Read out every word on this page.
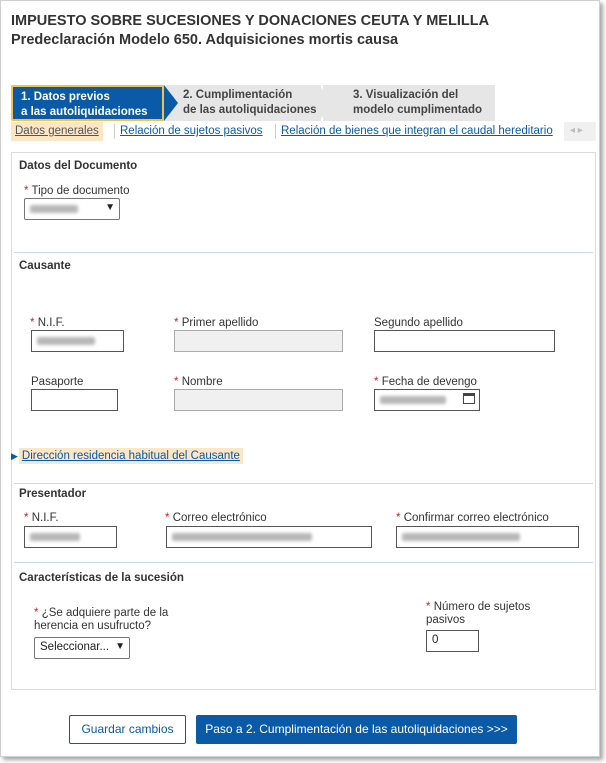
IMPUESTO SOBRE SUCESIONES Y DONACIONES CEUTA Y MELILLA
Predeclaración Modelo 650. Adquisiciones mortis causa
2. Cumplimentación
de las autoliquidaciones
3. Visualización del
modelo cumplimentado
1. Datos previos
a las autoliquidaciones
Datos generales	Relación de sujetos pasivos	Relación de bienes que integran el caudal hereditario	◂ ▸
Datos del Documento
* Tipo de documento
▼
Causante
* N.I.F.	* Primer apellido	Segundo apellido
Pasaporte	* Nombre	* Fecha de devengo
▶ Dirección residencia habitual del Causante
Presentador
* N.I.F.	* Correo electrónico	* Confirmar correo electrónico
Características de la sucesión
* ¿Se adquiere parte de la
herencia en usufructo?
Seleccionar... ▼
* Número de sujetos
pasivos
0
Guardar cambios	Paso a 2. Cumplimentación de las autoliquidaciones >>>
